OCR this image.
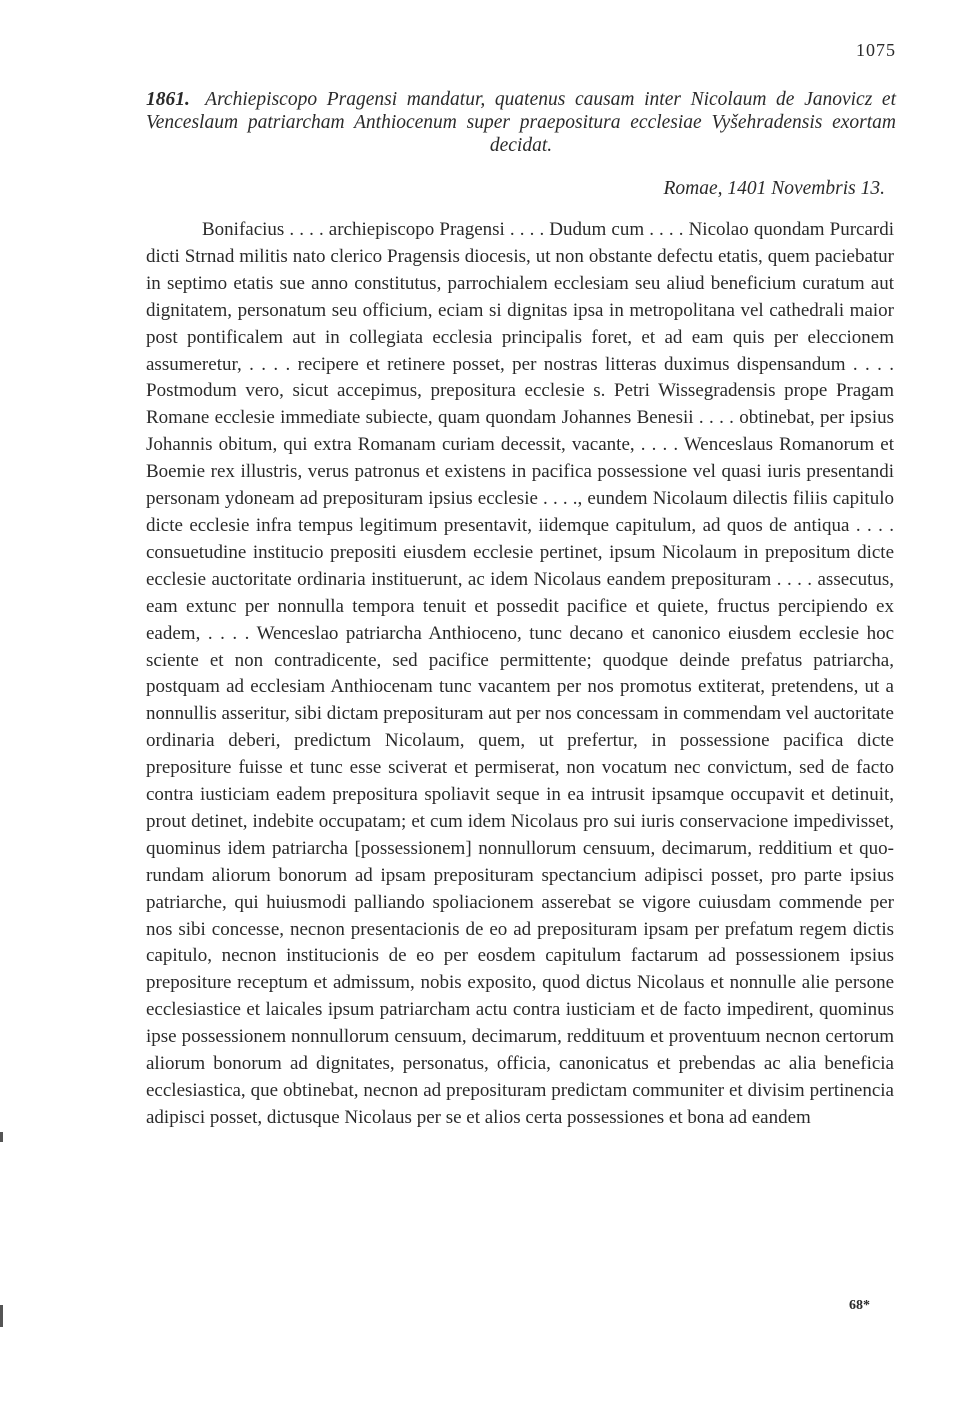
1075
1861. Archiepiscopo Pragensi mandatur, quatenus causam inter Nicolaum de Janovicz et Venceslaum patriarcham Anthiocenum super praepositura ecclesiae Vyšehradensis exortam decidat.
Romae, 1401 Novembris 13.
Bonifacius . . . . archiepiscopo Pragensi . . . . Dudum cum . . . . Nicolao quondam Purcardi dicti Strnad militis nato clerico Pragensis diocesis, ut non obstante defectu etatis, quem paciebatur in septimo etatis sue anno constitutus, parrochialem ecclesiam seu aliud beneficium curatum aut dignitatem, personatum seu officium, eciam si dignitas ipsa in metropolitana vel cathedrali maior post pontificalem aut in collegiata ecclesia principalis foret, et ad eam quis per eleccionem assumeretur, . . . . recipere et retinere posset, per nostras litteras duximus dispensandum . . . . Postmodum vero, sicut accepimus, prepositura ecclesie s. Petri Wissegradensis prope Pragam Romane ecclesie immediate subiecte, quam quondam Johannes Benesii . . . . obtinebat, per ipsius Johannis obitum, qui extra Romanam curiam decessit, vacante, . . . . Wenceslaus Romanorum et Boemie rex illustris, verus patronus et existens in pacifica possessione vel quasi iuris presentandi personam ydoneam ad preposituram ipsius ecclesie . . . ., eundem Nicolaum dilectis filiis capitulo dicte ecclesie infra tempus legitimum presentavit, iidemque capitulum, ad quos de antiqua . . . . consuetudine institucio prepositi eiusdem ecclesie pertinet, ipsum Nicolaum in prepositum dicte ecclesie auctoritate ordinaria instituerunt, ac idem Nicolaus eandem preposituram . . . . assecutus, eam extunc per nonnulla tempora tenuit et possedit pacifice et quiete, fructus percipiendo ex eadem, . . . . Wenceslao patriarcha Anthioceno, tunc decano et canonico eiusdem ecclesie hoc sciente et non contradicente, sed pacifice permittente; quodque deinde prefatus patriarcha, postquam ad ecclesiam Anthiocenam tunc vacantem per nos promotus extiterat, pretendens, ut a nonnullis asseritur, sibi dictam preposituram aut per nos concessam in commendam vel auctoritate ordinaria deberi, predictum Nicolaum, quem, ut prefertur, in possessione pacifica dicte prepositure fuisse et tunc esse sciverat et permiserat, non vocatum nec convictum, sed de facto contra iusticiam eadem prepositura spoliavit seque in ea intrusit ipsamque occupavit et detinuit, prout detinet, indebite occupatam; et cum idem Nicolaus pro sui iuris conservacione impedivisset, quominus idem patriarcha [possessionem] nonnullorum censuum, decimarum, redditium et quorundam aliorum bonorum ad ipsam preposituram spectancium adipisci posset, pro parte ipsius patriarche, qui huiusmodi palliando spoliacionem asserebat se vigore cuiusdam commende per nos sibi concesse, necnon presentacionis de eo ad preposituram ipsam per prefatum regem dictis capitulo, necnon institucionis de eo per eosdem capitulum factarum ad possessionem ipsius prepositure receptum et admissum, nobis exposito, quod dictus Nicolaus et nonnulle alie persone ecclesiastice et laicales ipsum patriarcham actu contra iusticiam et de facto impedirent, quominus ipse possessionem nonnullorum censuum, decimarum, reddituum et proventuum necnon certorum aliorum bonorum ad dignitates, personatus, officia, canonicatus et prebendas ac alia beneficia ecclesiastica, que obtinebat, necnon ad preposituram predictam communiter et divisim pertinencia adipisci posset, dictusque Nicolaus per se et alios certa possessiones et bona ad eandem
68*
